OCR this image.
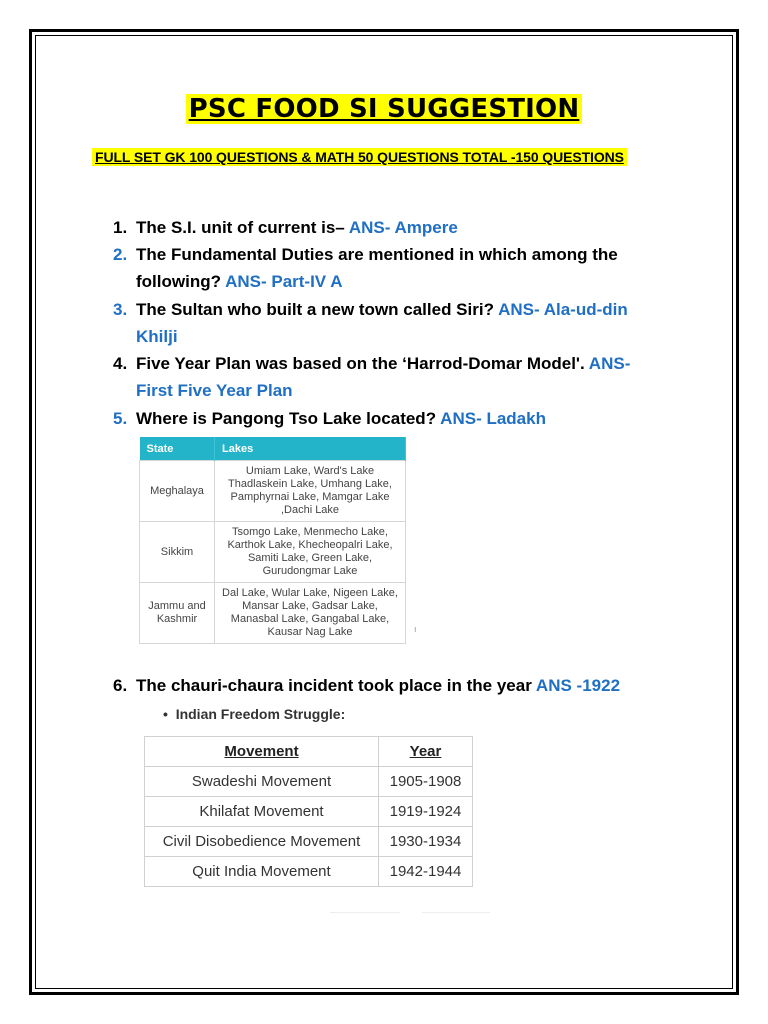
PSC FOOD SI SUGGESTION
FULL SET GK 100 QUESTIONS & MATH 50 QUESTIONS TOTAL -150 QUESTIONS
1. The S.I. unit of current is– ANS- Ampere
2. The Fundamental Duties are mentioned in which among the
following? ANS- Part-IV A
3. The Sultan who built a new town called Siri? ANS- Ala-ud-din
Khilji
4. Five Year Plan was based on the ‘Harrod-Domar Model'. ANS-
First Five Year Plan
5. Where is Pangong Tso Lake located? ANS- Ladakh
State	Lakes
Meghalaya	Umiam Lake, Ward's Lake Thadlaskein Lake, Umhang Lake, Pamphyrnai Lake, Mamgar Lake ,Dachi Lake
Sikkim	Tsomgo Lake, Menmecho Lake, Karthok Lake, Khecheopalri Lake, Samiti Lake, Green Lake, Gurudongmar Lake
Jammu and Kashmir	Dal Lake, Wular Lake, Nigeen Lake, Mansar Lake, Gadsar Lake, Manasbal Lake, Gangabal Lake, Kausar Nag Lake	ı
6. The chauri-chaura incident took place in the year ANS -1922
•  Indian Freedom Struggle:
Movement	Year
Swadeshi Movement	1905-1908
Khilafat Movement	1919-1924
Civil Disobedience Movement	1930-1934
Quit India Movement	1942-1944
